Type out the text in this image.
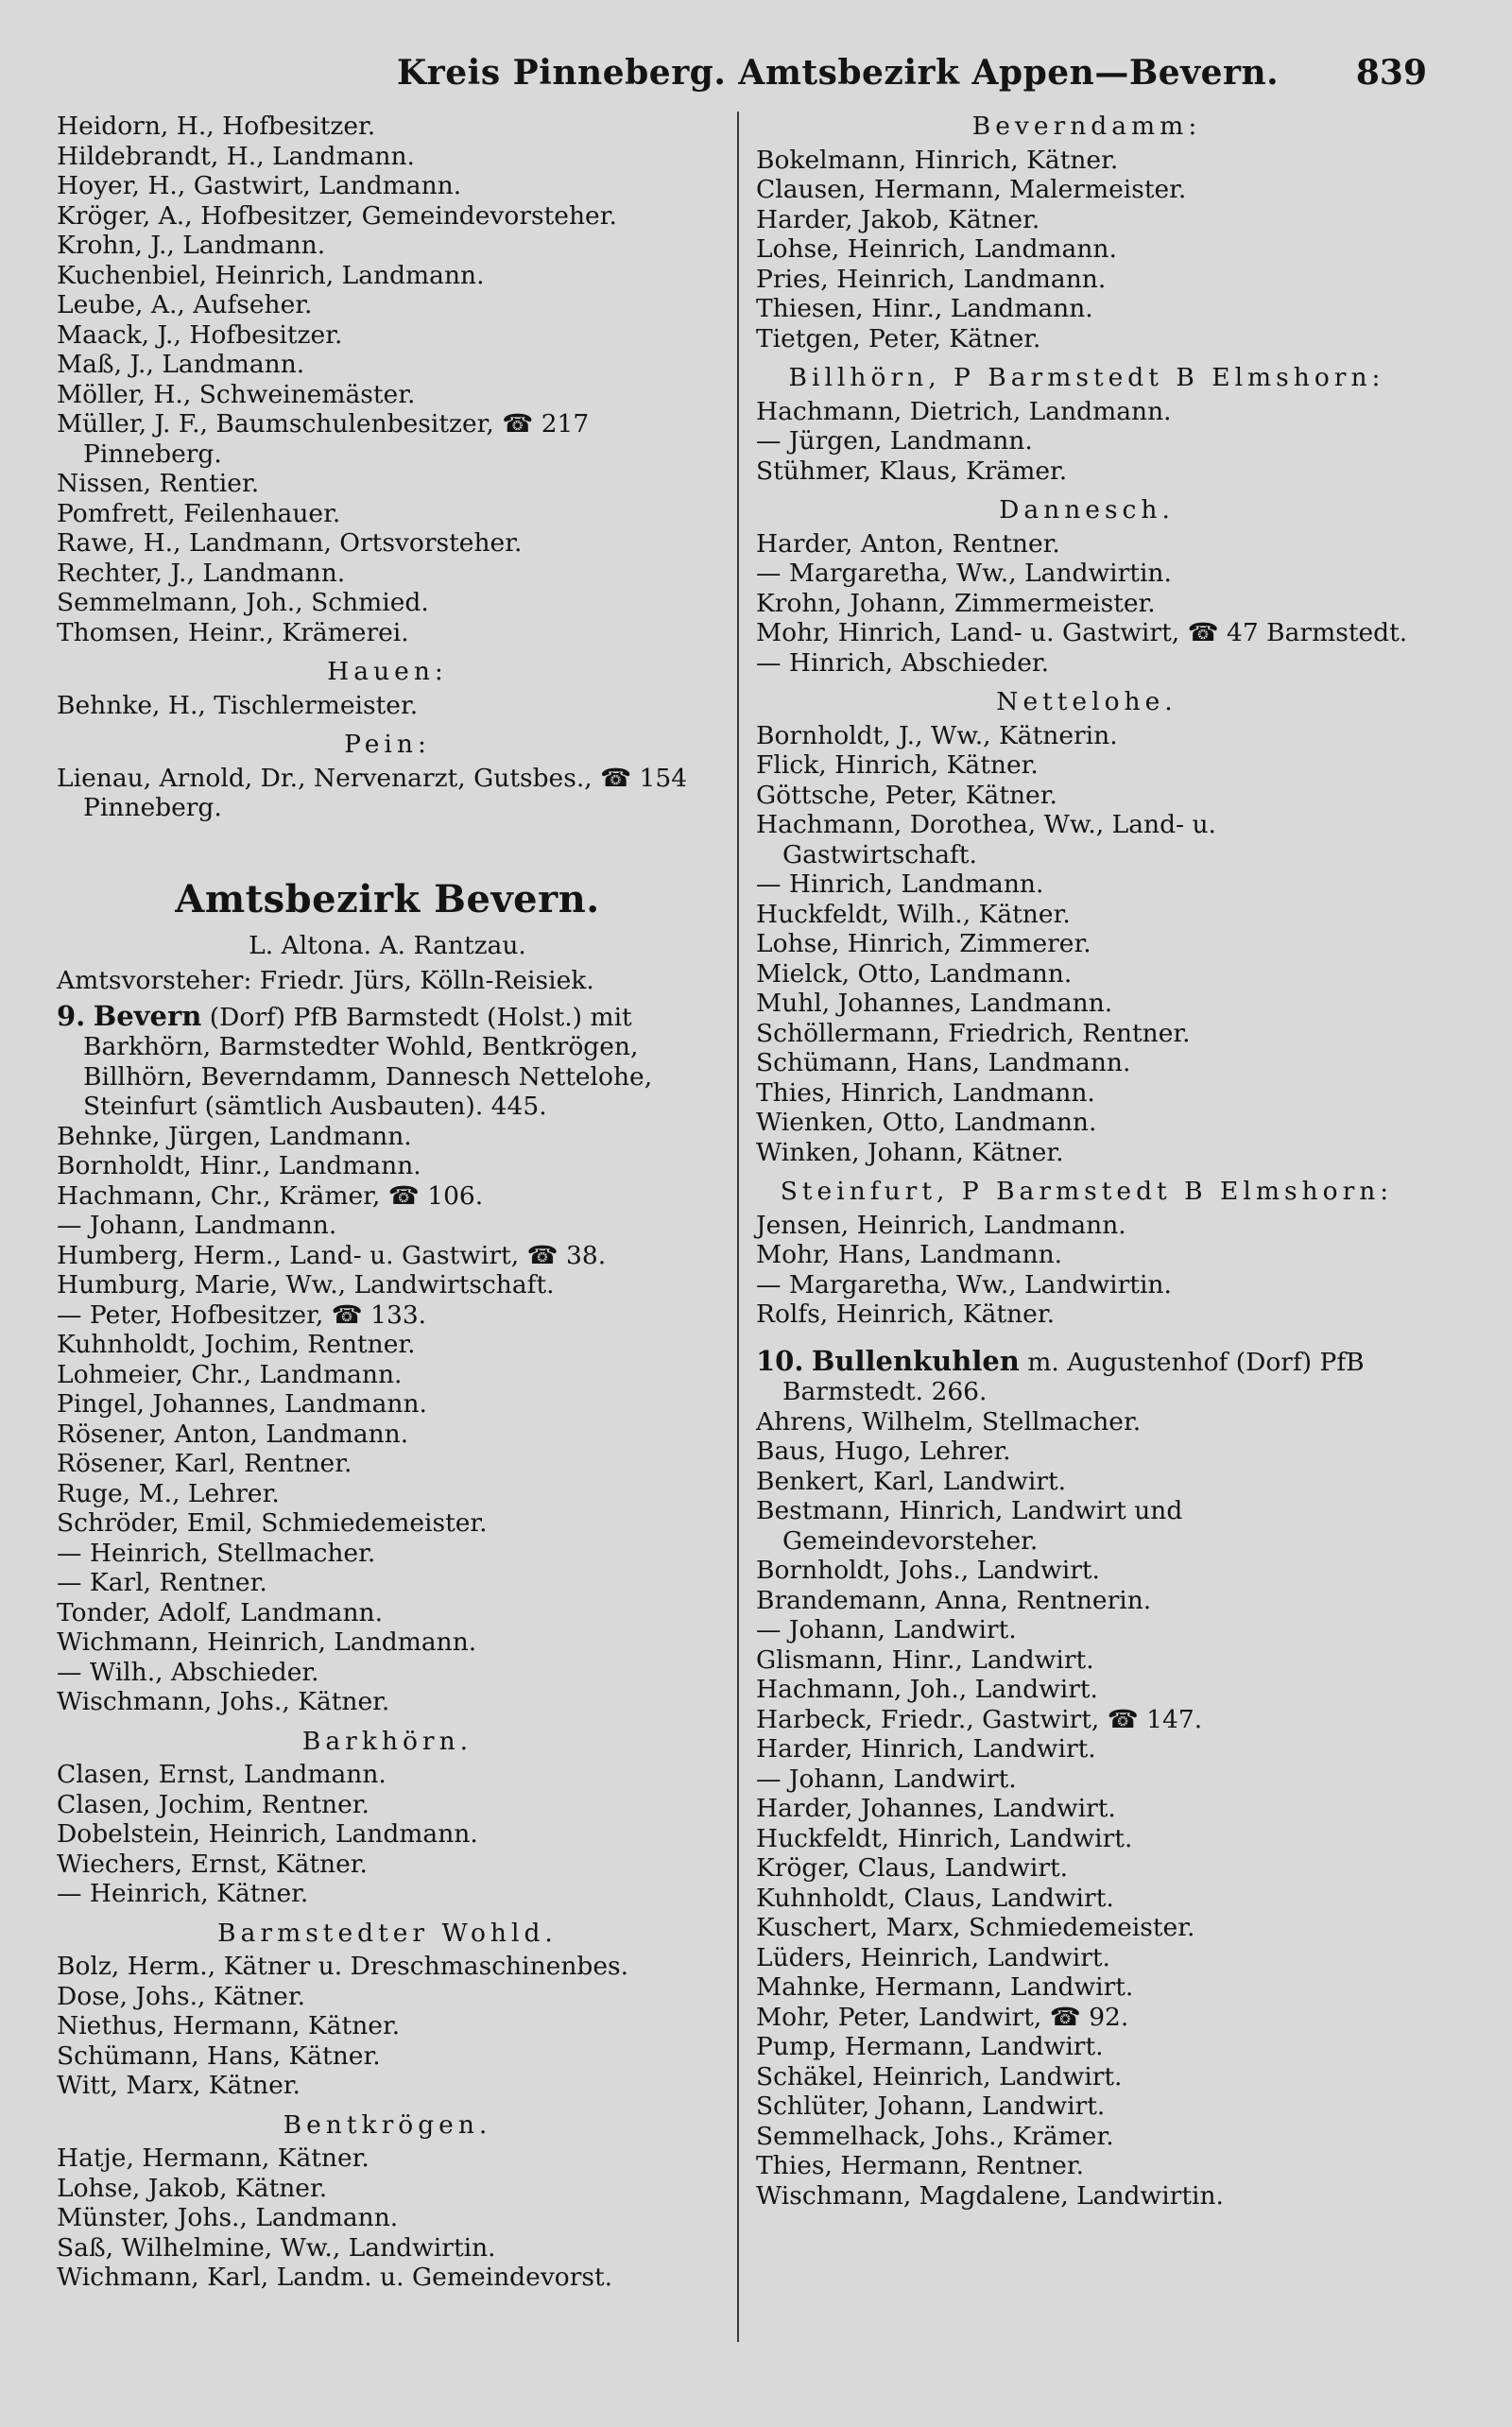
Kreis Pinneberg. Amtsbezirk Appen—Bevern. 839
Heidorn, H., Hofbesitzer.
Hildebrandt, H., Landmann.
Hoyer, H., Gastwirt, Landmann.
Kröger, A., Hofbesitzer, Gemeindevorsteher.
Krohn, J., Landmann.
Kuchenbiel, Heinrich, Landmann.
Leube, A., Aufseher.
Maack, J., Hofbesitzer.
Maß, J., Landmann.
Möller, H., Schweinemäster.
Müller, J. F., Baumschulenbesitzer, ☎ 217 Pinneberg.
Nissen, Rentier.
Pomfrett, Feilenhauer.
Rawe, H., Landmann, Ortsvorsteher.
Rechter, J., Landmann.
Semmelmann, Joh., Schmied.
Thomsen, Heinr., Krämerei.
Hauen:
Behnke, H., Tischlermeister.
Pein:
Lienau, Arnold, Dr., Nervenarzt, Gutsbes., ☎ 154 Pinneberg.
Amtsbezirk Bevern.
L. Altona. A. Rantzau.
Amtsvorsteher: Friedr. Jürs, Kölln-Reisiek.
9. Bevern (Dorf) PfB Barmstedt (Holst.) mit Barkhörn, Barmstedter Wohld, Bentkrögen, Billhörn, Beverndamm, Dannesch Nettelohe, Steinfurt (sämtlich Ausbauten). 445.
Behnke, Jürgen, Landmann.
Bornholdt, Hinr., Landmann.
Hachmann, Chr., Krämer, ☎ 106.
— Johann, Landmann.
Humberg, Herm., Land- u. Gastwirt, ☎ 38.
Humburg, Marie, Ww., Landwirtschaft.
— Peter, Hofbesitzer, ☎ 133.
Kuhnholdt, Jochim, Rentner.
Lohmeier, Chr., Landmann.
Pingel, Johannes, Landmann.
Rösener, Anton, Landmann.
Rösener, Karl, Rentner.
Ruge, M., Lehrer.
Schröder, Emil, Schmiedemeister.
— Heinrich, Stellmacher.
— Karl, Rentner.
Tonder, Adolf, Landmann.
Wichmann, Heinrich, Landmann.
— Wilh., Abschieder.
Wischmann, Johs., Kätner.
Barkhörn.
Clasen, Ernst, Landmann.
Clasen, Jochim, Rentner.
Dobelstein, Heinrich, Landmann.
Wiechers, Ernst, Kätner.
— Heinrich, Kätner.
Barmstedter Wohld.
Bolz, Herm., Kätner u. Dreschmaschinenbes.
Dose, Johs., Kätner.
Niethus, Hermann, Kätner.
Schümann, Hans, Kätner.
Witt, Marx, Kätner.
Bentkrögen.
Hatje, Hermann, Kätner.
Lohse, Jakob, Kätner.
Münster, Johs., Landmann.
Saß, Wilhelmine, Ww., Landwirtin.
Wichmann, Karl, Landm. u. Gemeindevorst.
Beverndamm:
Bokelmann, Hinrich, Kätner.
Clausen, Hermann, Malermeister.
Harder, Jakob, Kätner.
Lohse, Heinrich, Landmann.
Pries, Heinrich, Landmann.
Thiesen, Hinr., Landmann.
Tietgen, Peter, Kätner.
Billhörn, P Barmstedt B Elmshorn:
Hachmann, Dietrich, Landmann.
— Jürgen, Landmann.
Stühmer, Klaus, Krämer.
Dannesch.
Harder, Anton, Rentner.
— Margaretha, Ww., Landwirtin.
Krohn, Johann, Zimmermeister.
Mohr, Hinrich, Land- u. Gastwirt, ☎ 47 Barmstedt.
— Hinrich, Abschieder.
Nettelohe.
Bornholdt, J., Ww., Kätnerin.
Flick, Hinrich, Kätner.
Göttsche, Peter, Kätner.
Hachmann, Dorothea, Ww., Land- u. Gastwirtschaft.
— Hinrich, Landmann.
Huckfeldt, Wilh., Kätner.
Lohse, Hinrich, Zimmerer.
Mielck, Otto, Landmann.
Muhl, Johannes, Landmann.
Schöllermann, Friedrich, Rentner.
Schümann, Hans, Landmann.
Thies, Hinrich, Landmann.
Wienken, Otto, Landmann.
Winken, Johann, Kätner.
Steinfurt, P Barmstedt B Elmshorn:
Jensen, Heinrich, Landmann.
Mohr, Hans, Landmann.
— Margaretha, Ww., Landwirtin.
Rolfs, Heinrich, Kätner.
10. Bullenkuhlen m. Augustenhof (Dorf) PfB Barmstedt. 266.
Ahrens, Wilhelm, Stellmacher.
Baus, Hugo, Lehrer.
Benkert, Karl, Landwirt.
Bestmann, Hinrich, Landwirt und Gemeindevorsteher.
Bornholdt, Johs., Landwirt.
Brandemann, Anna, Rentnerin.
— Johann, Landwirt.
Glismann, Hinr., Landwirt.
Hachmann, Joh., Landwirt.
Harbeck, Friedr., Gastwirt, ☎ 147.
Harder, Hinrich, Landwirt.
— Johann, Landwirt.
Harder, Johannes, Landwirt.
Huckfeldt, Hinrich, Landwirt.
Kröger, Claus, Landwirt.
Kuhnholdt, Claus, Landwirt.
Kuschert, Marx, Schmiedemeister.
Lüders, Heinrich, Landwirt.
Mahnke, Hermann, Landwirt.
Mohr, Peter, Landwirt, ☎ 92.
Pump, Hermann, Landwirt.
Schäkel, Heinrich, Landwirt.
Schlüter, Johann, Landwirt.
Semmelhack, Johs., Krämer.
Thies, Hermann, Rentner.
Wischmann, Magdalene, Landwirtin.
